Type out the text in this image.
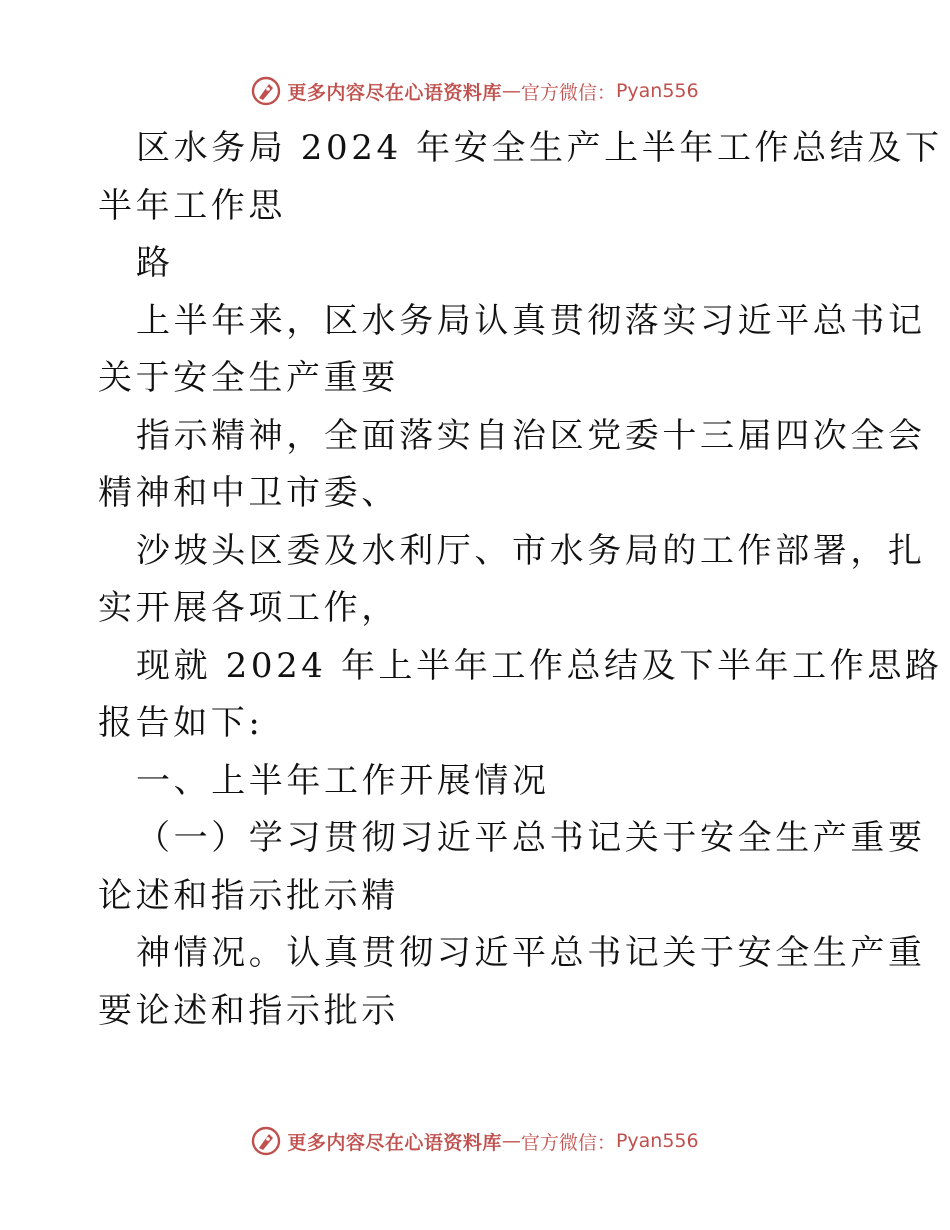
更多内容尽在心语资料库 — 官方微信： Pyan556
区水务局 2024 年安全生产上半年工作总结及下
半年工作思
路
上半年来，区水务局认真贯彻落实习近平总书记
关于安全生产重要
指示精神，全面落实自治区党委十三届四次全会
精神和中卫市委、
沙坡头区委及水利厅、市水务局的工作部署，扎
实开展各项工作，
现就 2024 年上半年工作总结及下半年工作思路
报告如下:
一、上半年工作开展情况
（一）学习贯彻习近平总书记关于安全生产重要
论述和指示批示精
神情况。认真贯彻习近平总书记关于安全生产重
要论述和指示批示
更多内容尽在心语资料库 — 官方微信： Pyan556
